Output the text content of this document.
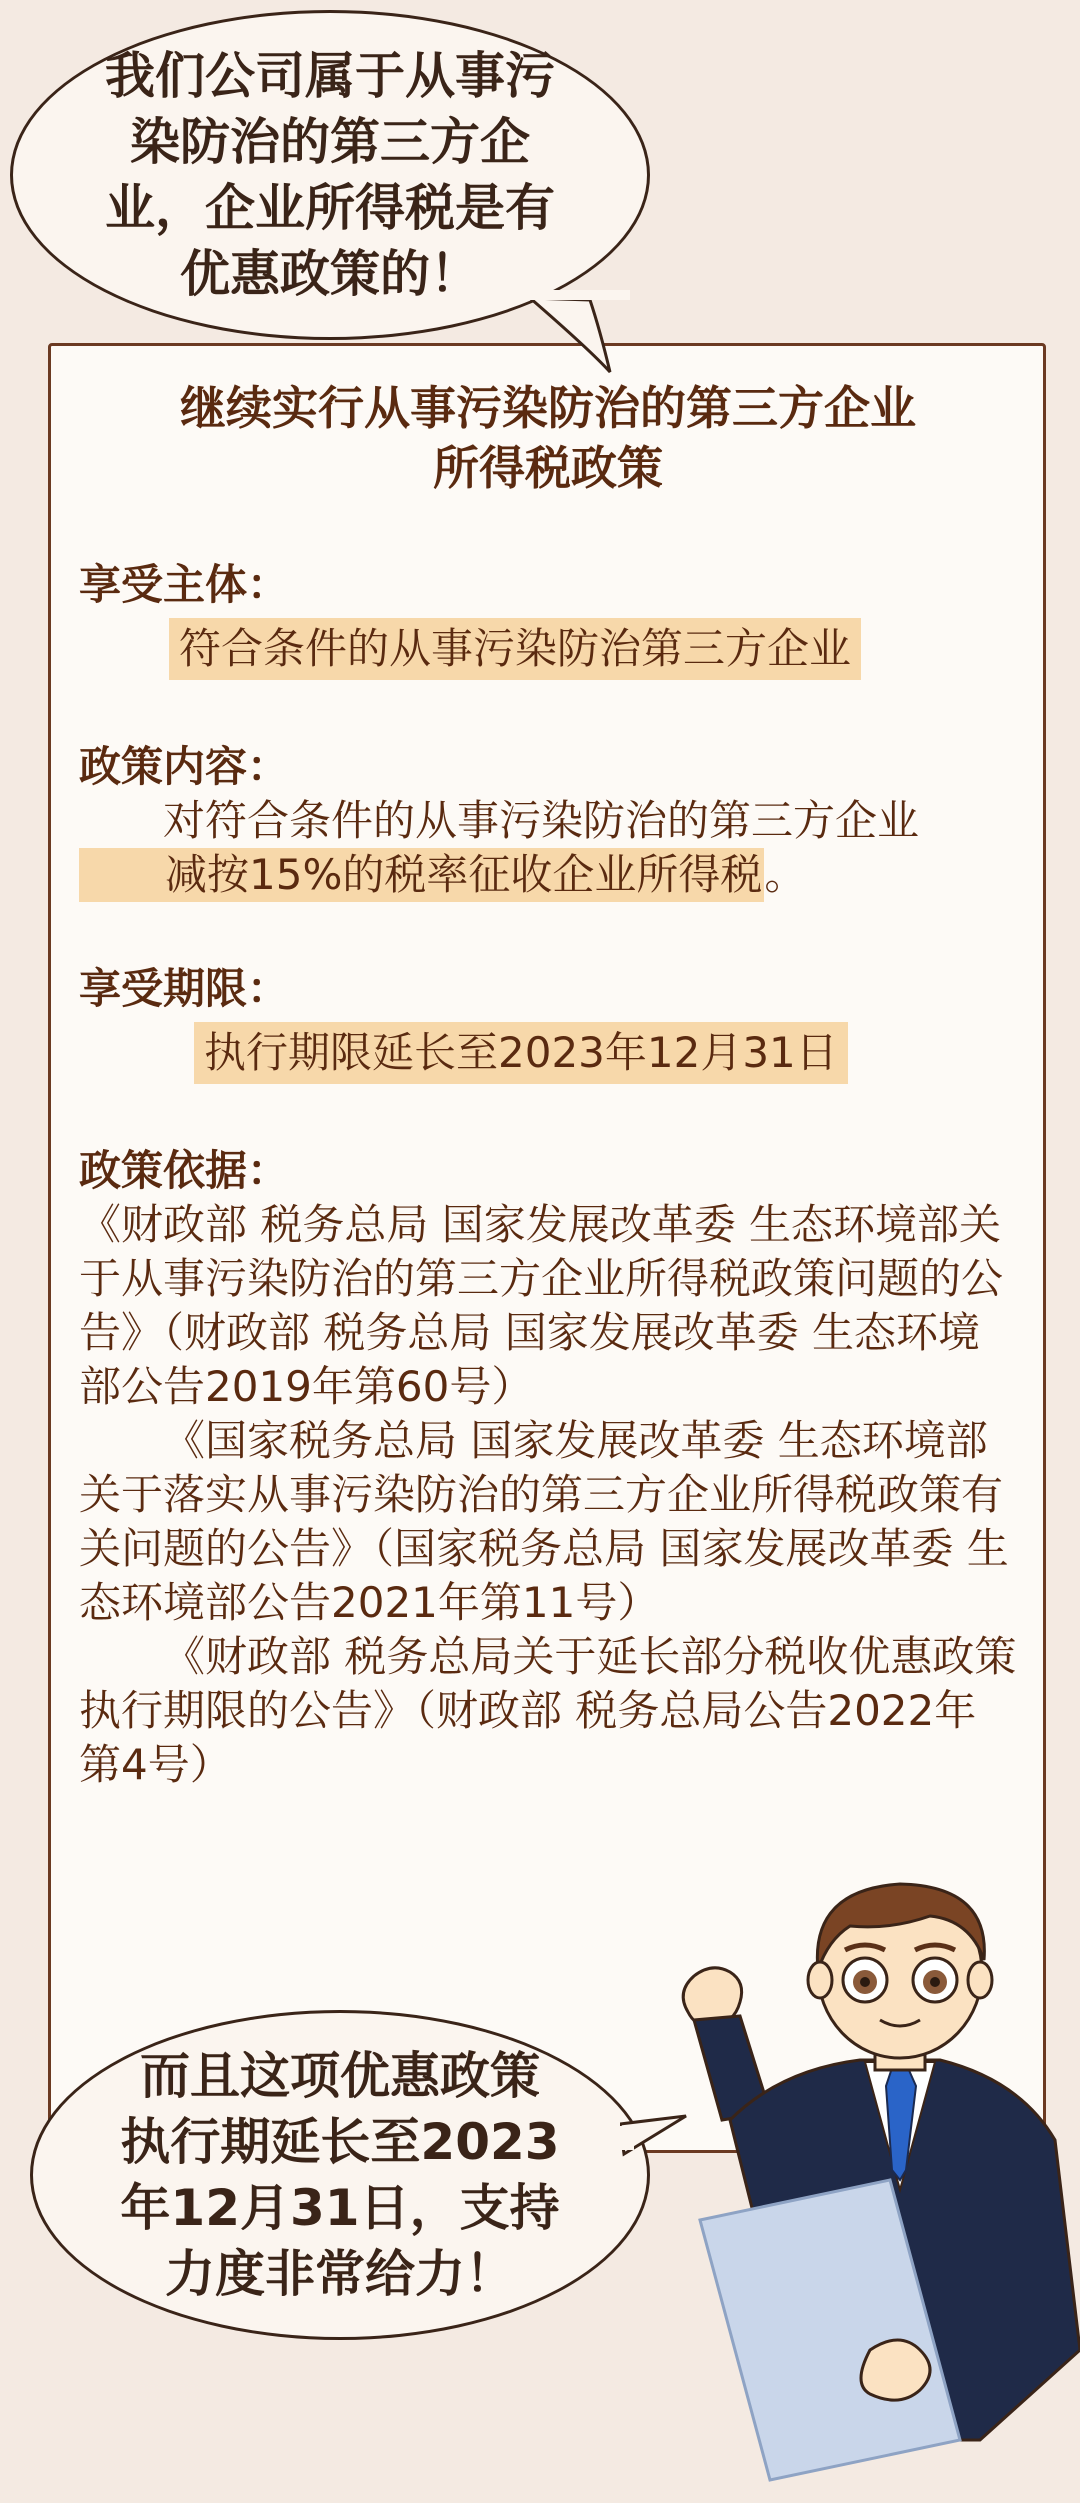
继续实行从事污染防治的第三方企业
所得税政策

享受主体：

符合条件的从事污染防治第三方企业

政策内容：

对符合条件的从事污染防治的第三方企业减按15%的税率征收企业所得税。

享受期限：

执行期限延长至2023年12月31日

政策依据：

《财政部 税务总局 国家发展改革委 生态环境部关于从事污染防治的第三方企业所得税政策问题的公告》（财政部 税务总局 国家发展改革委 生态环境部公告2019年第60号）

《国家税务总局 国家发展改革委 生态环境部关于落实从事污染防治的第三方企业所得税政策有关问题的公告》（国家税务总局 国家发展改革委 生态环境部公告2021年第11号）

《财政部 税务总局关于延长部分税收优惠政策执行期限的公告》（财政部 税务总局公告2022年第4号）

我们公司属于从事污
染防治的第三方企
业，企业所得税是有
优惠政策的！
而且这项优惠政策
执行期延长至2023
年12月31日，支持
力度非常给力！
